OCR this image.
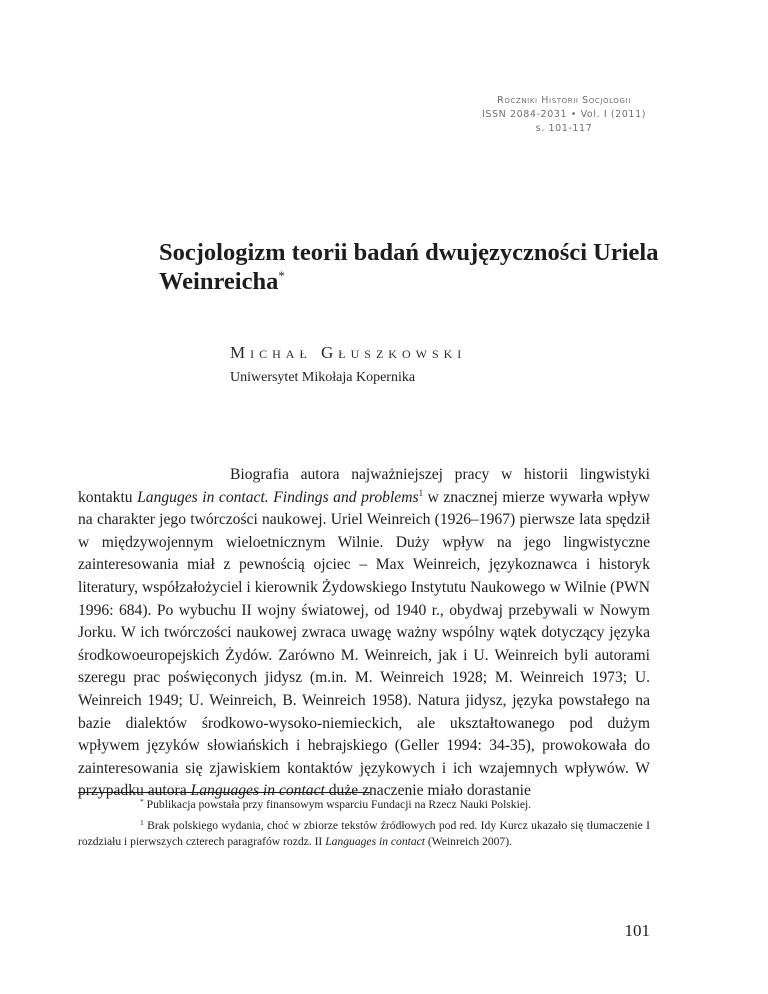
Roczniki Historii Socjologii
ISSN 2084-2031 • Vol. I (2011)
s. 101-117
Socjologizm teorii badań dwujęzyczności Uriela Weinreicha*
Michał Głuszkowski
Uniwersytet Mikołaja Kopernika

Biografia autora najważniejszej pracy w historii lingwistyki kontaktu Languges in contact. Findings and problems$^1$ w znacznej mierze wywarła wpływ na charakter jego twórczości naukowej. Uriel Weinreich (1926–1967) pierwsze lata spędził w międzywojennym wieloetnicznym Wilnie. Duży wpływ na jego lingwistyczne zainteresowania miał z pewnością ojciec – Max Weinreich, językoznawca i historyk literatury, współzałożyciel i kierownik Żydowskiego Instytutu Naukowego w Wilnie (PWN 1996: 684). Po wybuchu II wojny światowej, od 1940 r., obydwaj przebywali w Nowym Jorku. W ich twórczości naukowej zwraca uwagę ważny wspólny wątek dotyczący języka środkowoeuropejskich Żydów. Zarówno M. Weinreich, jak i U. Weinreich byli autorami szeregu prac poświęconych jidysz (m.in. M. Weinreich 1928; M. Weinreich 1973; U. Weinreich 1949; U. Weinreich, B. Weinreich 1958). Natura jidysz, języka powstałego na bazie dialektów środkowo-wysoko-niemieckich, ale ukształtowanego pod dużym wpływem języków słowiańskich i hebrajskiego (Geller 1994: 34-35), prowokowała do zainteresowania się zjawiskiem kontaktów językowych i ich wzajemnych wpływów. W przypadku autora Languages in contact duże znaczenie miało dorastanie

* Publikacja powstała przy finansowym wsparciu Fundacji na Rzecz Nauki Polskiej.
$^1$ Brak polskiego wydania, choć w zbiorze tekstów źródłowych pod red. Idy Kurcz ukazało się tłumaczenie I rozdziału i pierwszych czterech paragrafów rozdz. II Languages in contact (Weinreich 2007).
101
